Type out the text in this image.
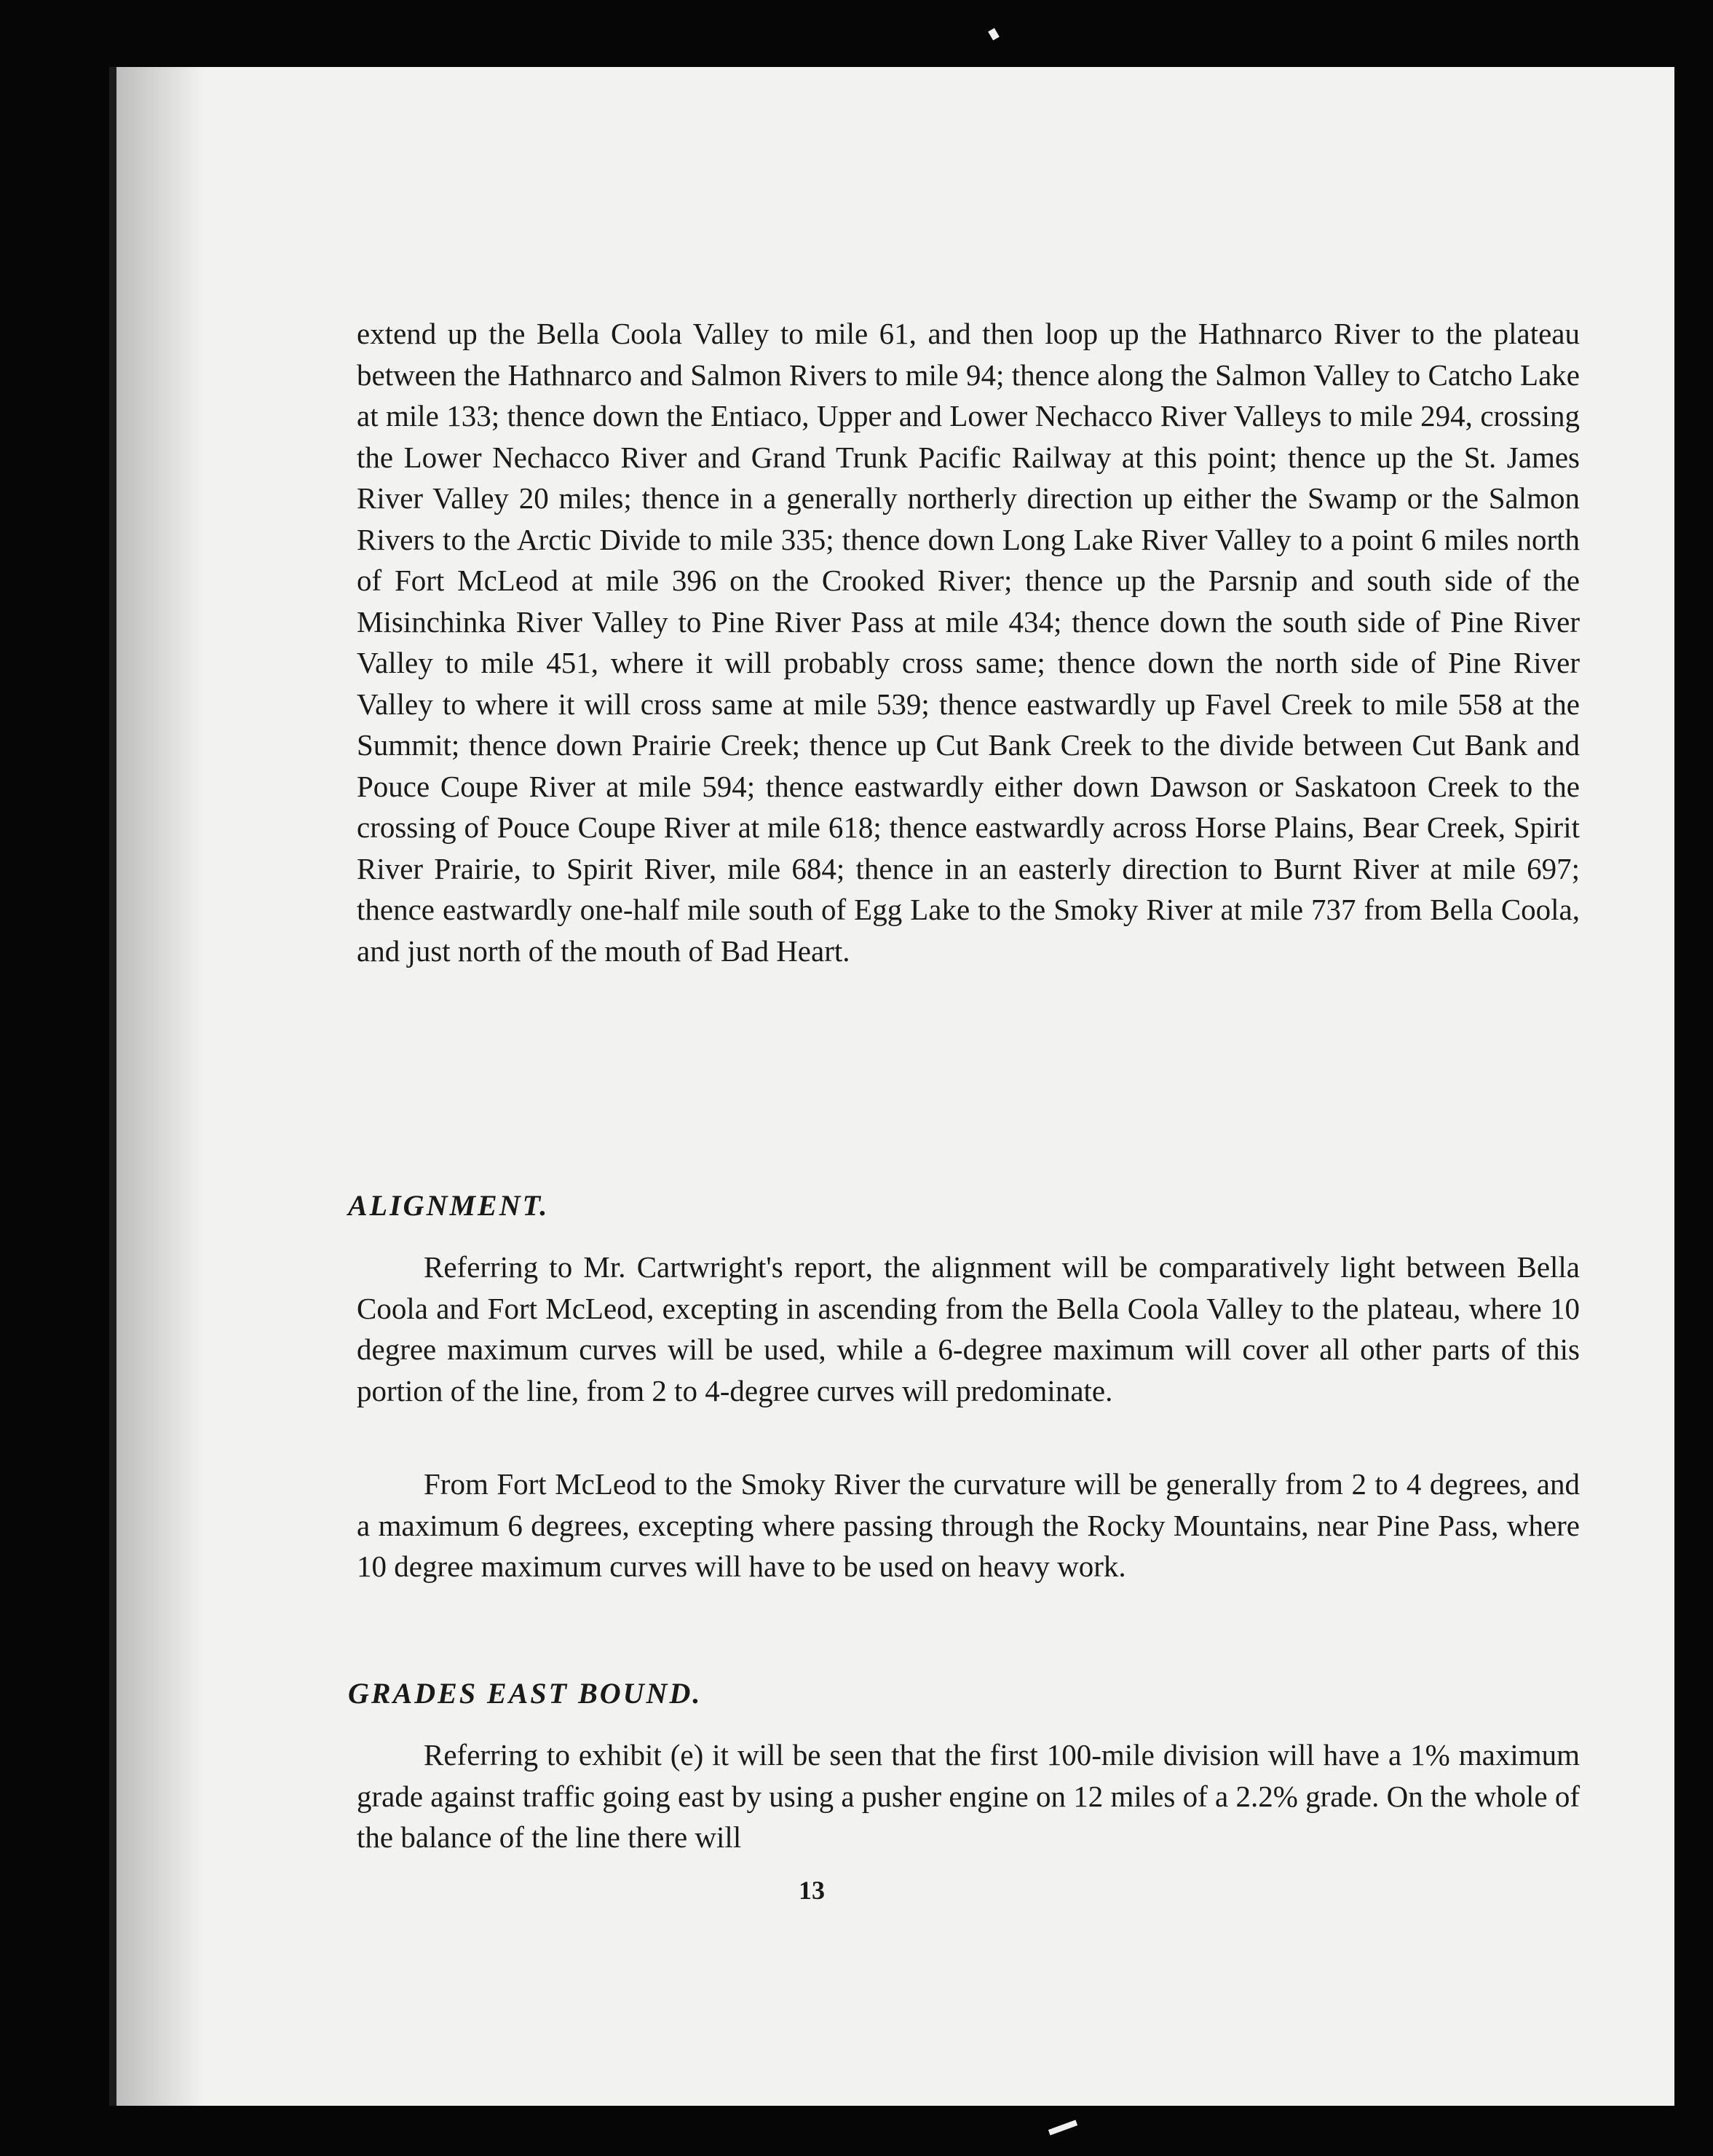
extend up the Bella Coola Valley to mile 61, and then loop up the Hathnarco River to the plateau between the Hathnarco and Salmon Rivers to mile 94; thence along the Salmon Valley to Catcho Lake at mile 133; thence down the Entiaco, Upper and Lower Nechacco River Valleys to mile 294, crossing the Lower Nechacco River and Grand Trunk Pacific Railway at this point; thence up the St. James River Valley 20 miles; thence in a generally northerly direction up either the Swamp or the Salmon Rivers to the Arctic Divide to mile 335; thence down Long Lake River Valley to a point 6 miles north of Fort McLeod at mile 396 on the Crooked River; thence up the Parsnip and south side of the Misinchinka River Valley to Pine River Pass at mile 434; thence down the south side of Pine River Valley to mile 451, where it will probably cross same; thence down the north side of Pine River Valley to where it will cross same at mile 539; thence eastwardly up Favel Creek to mile 558 at the Summit; thence down Prairie Creek; thence up Cut Bank Creek to the divide between Cut Bank and Pouce Coupe River at mile 594; thence eastwardly either down Dawson or Saskatoon Creek to the crossing of Pouce Coupe River at mile 618; thence eastwardly across Horse Plains, Bear Creek, Spirit River Prairie, to Spirit River, mile 684; thence in an easterly direction to Burnt River at mile 697; thence eastwardly one-half mile south of Egg Lake to the Smoky River at mile 737 from Bella Coola, and just north of the mouth of Bad Heart.

ALIGNMENT.

Referring to Mr. Cartwright's report, the alignment will be comparatively light between Bella Coola and Fort McLeod, excepting in ascending from the Bella Coola Valley to the plateau, where 10 degree maximum curves will be used, while a 6-degree maximum will cover all other parts of this portion of the line, from 2 to 4-degree curves will predominate.

From Fort McLeod to the Smoky River the curvature will be generally from 2 to 4 degrees, and a maximum 6 degrees, excepting where passing through the Rocky Mountains, near Pine Pass, where 10 degree maximum curves will have to be used on heavy work.

GRADES EAST BOUND.

Referring to exhibit (e) it will be seen that the first 100-mile division will have a 1% maximum grade against traffic going east by using a pusher engine on 12 miles of a 2.2% grade. On the whole of the balance of the line there will

13
